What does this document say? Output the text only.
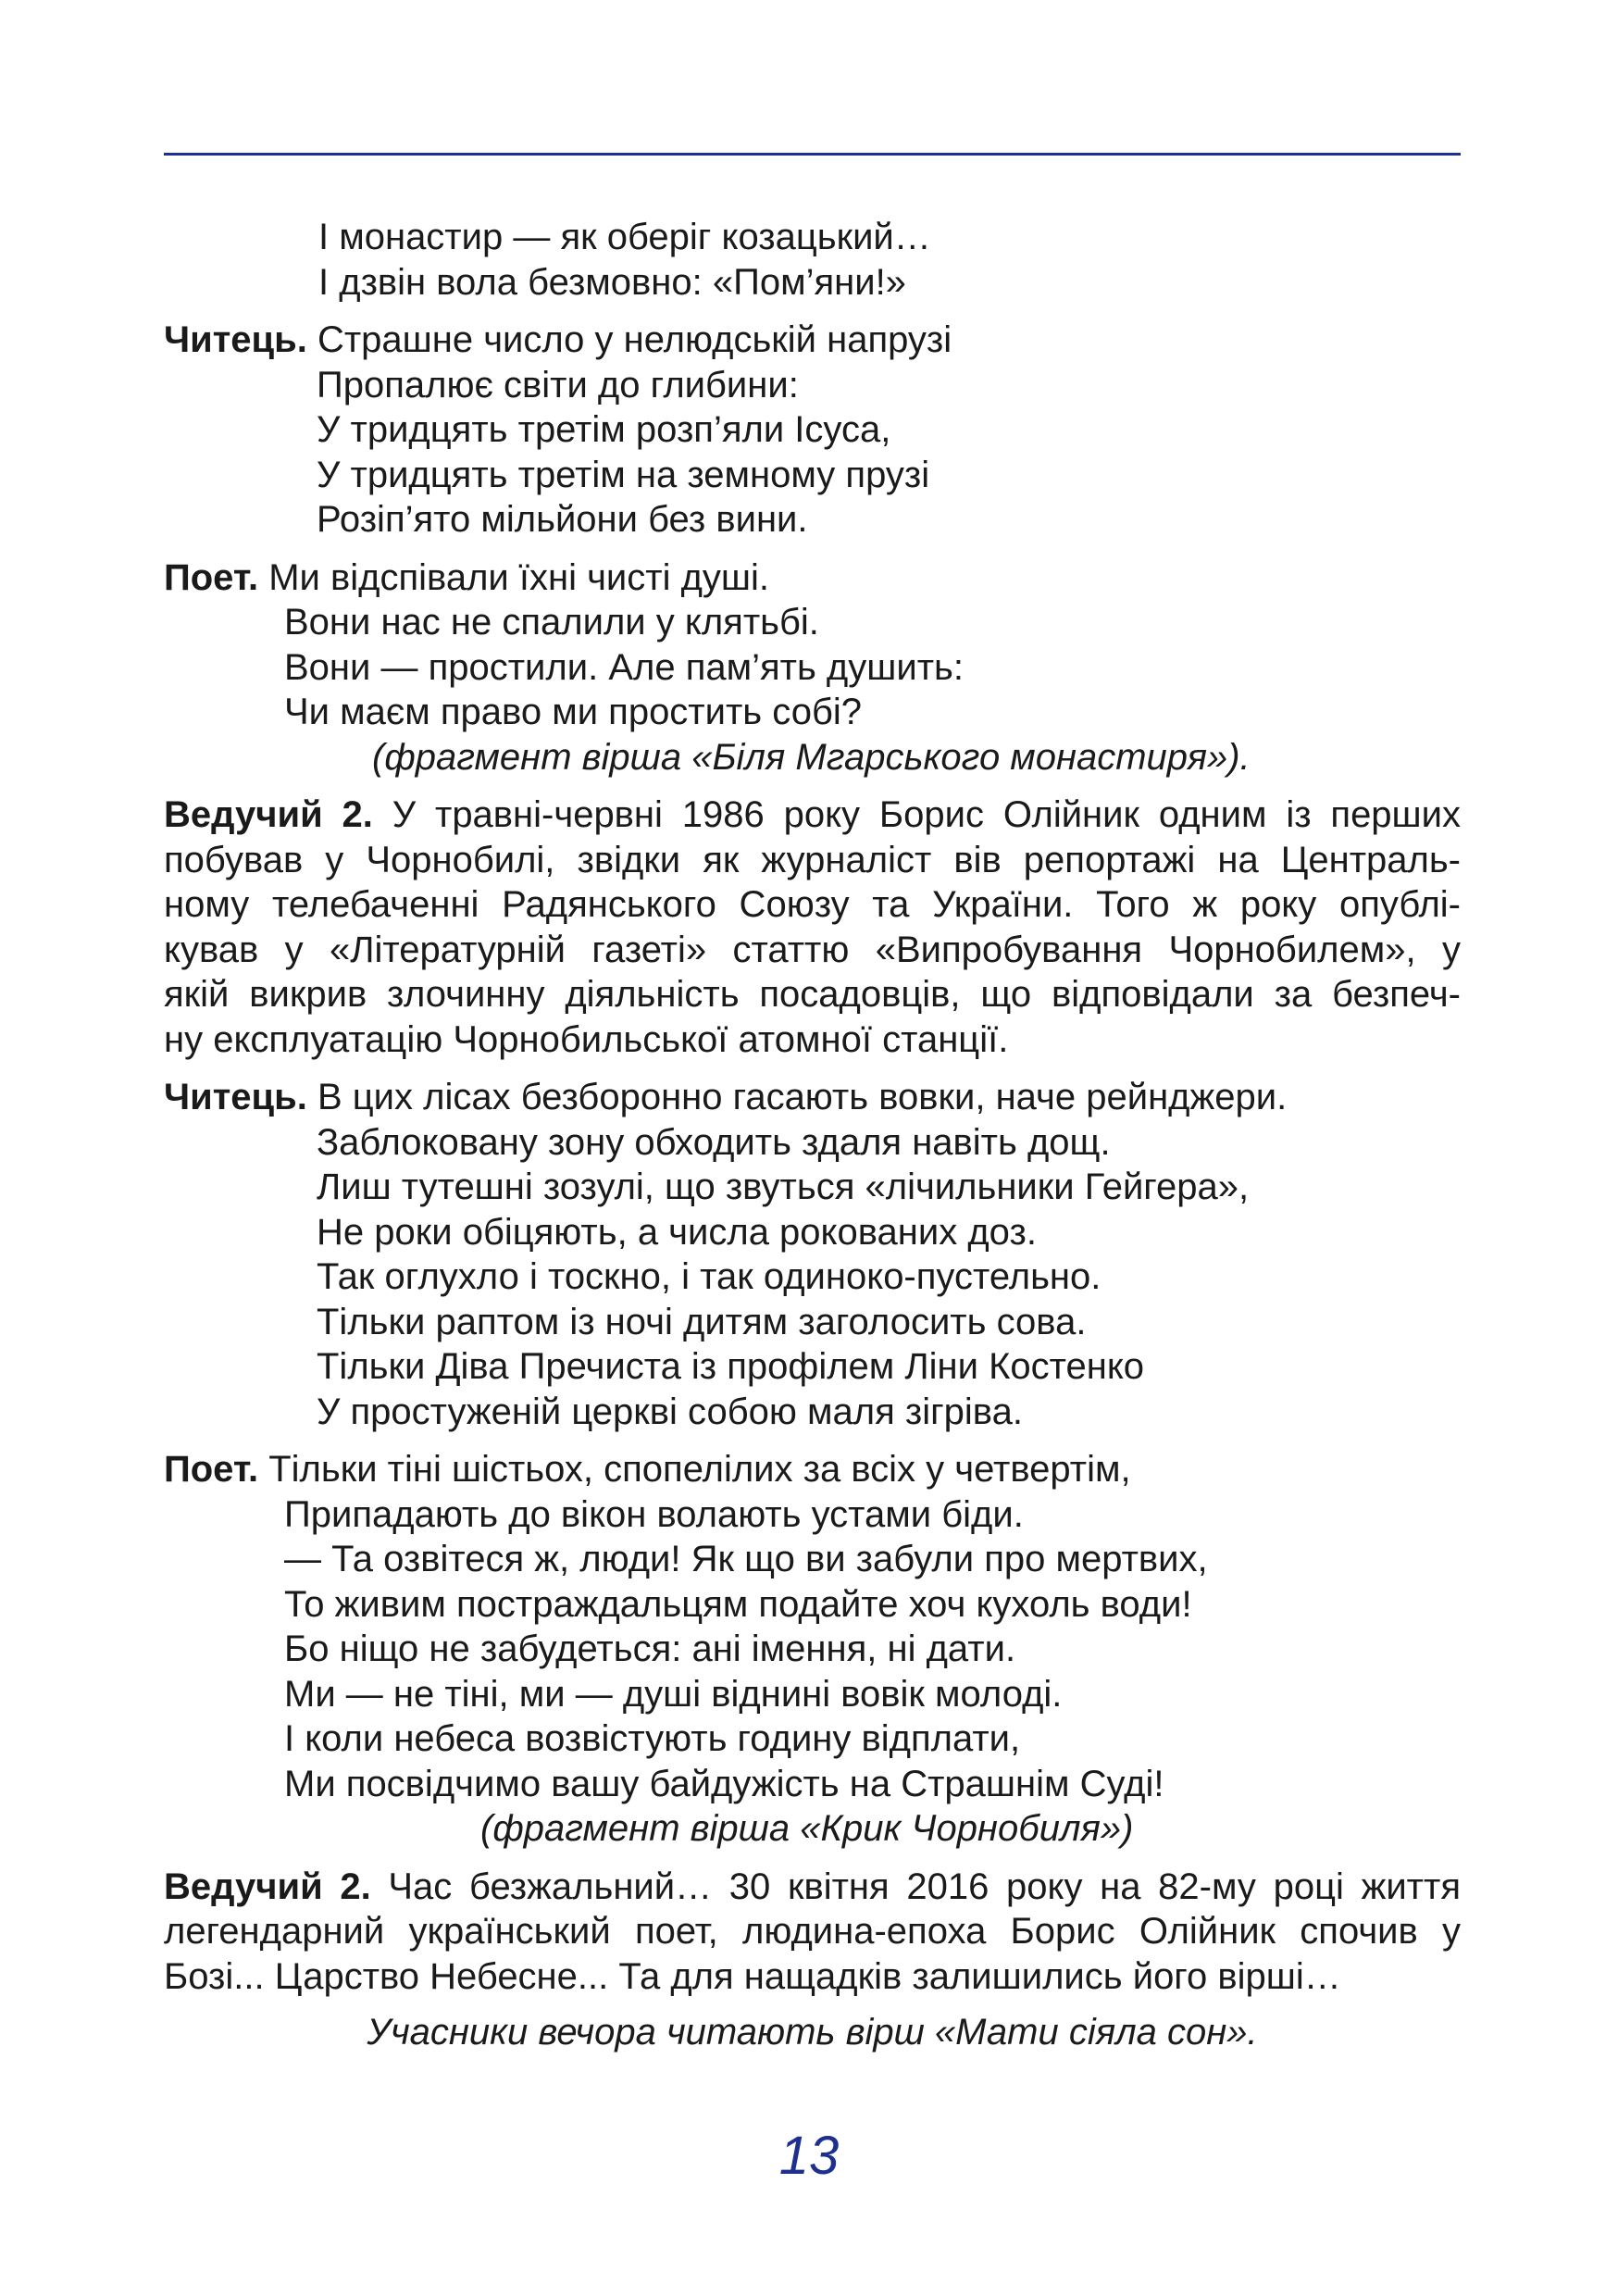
І монастир — як оберіг козацький…
І дзвін вола безмовно: «Пом’яни!»
Читець. Страшне число у нелюдській напрузі
Пропалює світи до глибини:
У тридцять третім розп’яли Ісуса,
У тридцять третім на земному прузі
Розіп’ято мільйони без вини.
Поет. Ми відспівали їхні чисті душі.
Вони нас не спалили у клятьбі.
Вони — простили. Але пам’ять душить:
Чи маєм право ми простить собі?
(фрагмент вірша «Біля Мгарського монастиря»).
Ведучий 2. У травні-червні 1986 року Борис Олійник одним із перших
побував у Чорнобилі, звідки як журналіст вів репортажі на Централь-
ному телебаченні Радянського Союзу та України. Того ж року опублі-
кував у «Літературній газеті» статтю «Випробування Чорнобилем», у
якій викрив злочинну діяльність посадовців, що відповідали за безпеч-
ну експлуатацію Чорнобильської атомної станції.
Читець. В цих лісах безборонно гасають вовки, наче рейнджери.
Заблоковану зону обходить здаля навіть дощ.
Лиш тутешні зозулі, що звуться «лічильники Гейгера»,
Не роки обіцяють, а числа рокованих доз.
Так оглухло і тоскно, і так одиноко-пустельно.
Тільки раптом із ночі дитям заголосить сова.
Тільки Діва Пречиста із профілем Ліни Костенко
У простуженій церкві собою маля зігріва.
Поет. Тільки тіні шістьох, спопелілих за всіх у четвертім,
Припадають до вікон волають устами біди.
— Та озвітеся ж, люди! Як що ви забули про мертвих,
То живим постраждальцям подайте хоч кухоль води!
Бо ніщо не забудеться: ані імення, ні дати.
Ми — не тіні, ми — душі віднині вовік молоді.
І коли небеса возвістують годину відплати,
Ми посвідчимо вашу байдужість на Страшнім Суді!
(фрагмент вірша «Крик Чорнобиля»)
Ведучий 2. Час безжальний… 30 квітня 2016 року на 82-му році життя
легендарний український поет, людина-епоха Борис Олійник спочив у
Бозі... Царство Небесне... Та для нащадків залишились його вірші…
Учасники вечора читають вірш «Мати сіяла сон».
13
